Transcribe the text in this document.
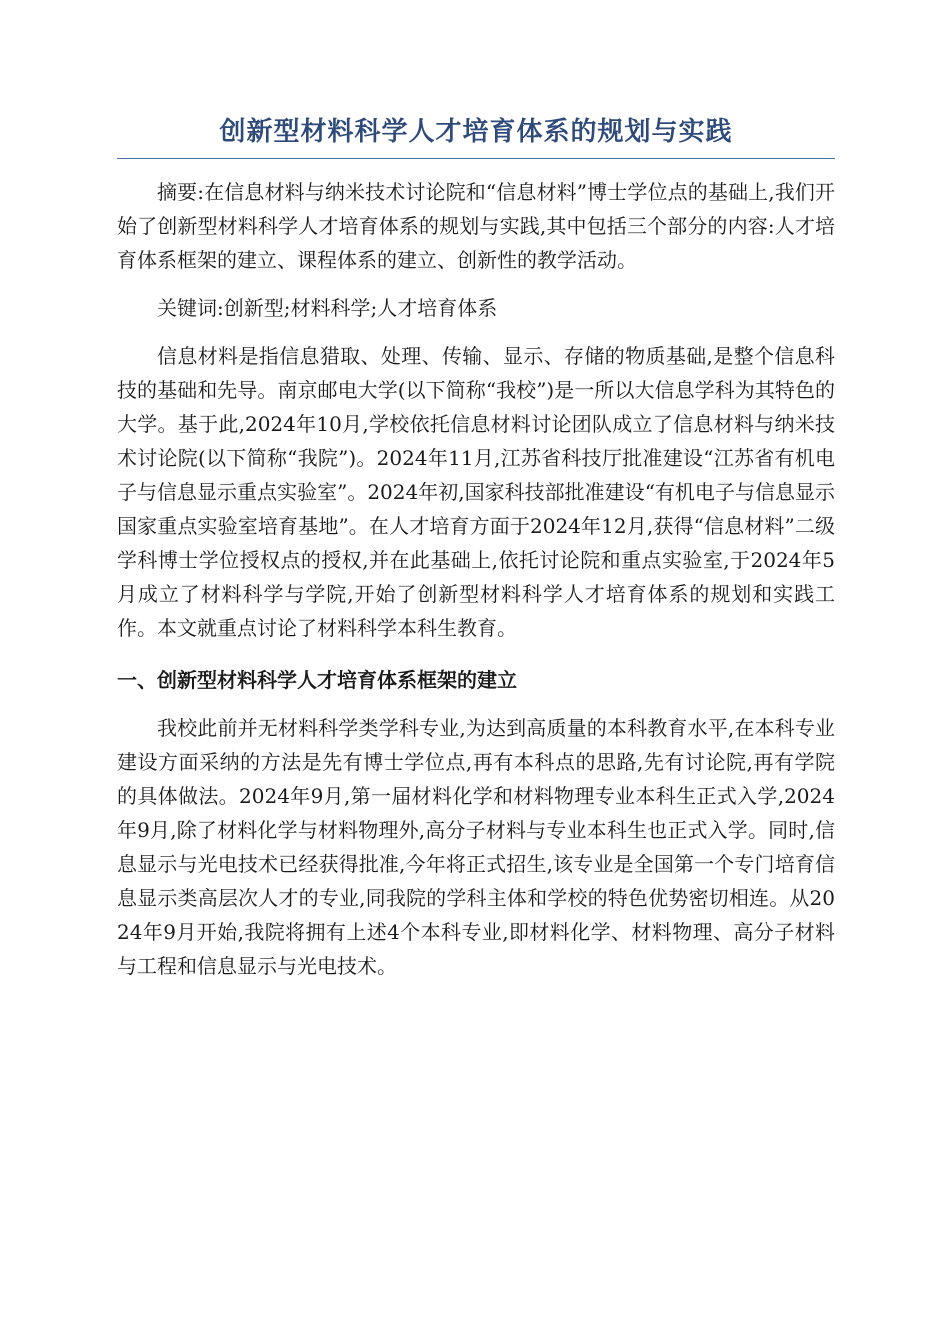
创新型材料科学人才培育体系的规划与实践

摘要:在信息材料与纳米技术讨论院和“信息材料”博士学位点的基础上,我们开始了创新型材料科学人才培育体系的规划与实践,其中包括三个部分的内容:人才培育体系框架的建立、课程体系的建立、创新性的教学活动。

关键词:创新型;材料科学;人才培育体系

信息材料是指信息猎取、处理、传输、显示、存储的物质基础,是整个信息科技的基础和先导。南京邮电大学(以下简称“我校”)是一所以大信息学科为其特色的大学。基于此,2024年10月,学校依托信息材料讨论团队成立了信息材料与纳米技术讨论院(以下简称“我院”)。2024年11月,江苏省科技厅批准建设“江苏省有机电子与信息显示重点实验室”。2024年初,国家科技部批准建设“有机电子与信息显示国家重点实验室培育基地”。在人才培育方面于2024年12月,获得“信息材料”二级学科博士学位授权点的授权,并在此基础上,依托讨论院和重点实验室,于2024年5月成立了材料科学与学院,开始了创新型材料科学人才培育体系的规划和实践工作。本文就重点讨论了材料科学本科生教育。

一、创新型材料科学人才培育体系框架的建立

我校此前并无材料科学类学科专业,为达到高质量的本科教育水平,在本科专业建设方面采纳的方法是先有博士学位点,再有本科点的思路,先有讨论院,再有学院的具体做法。2024年9月,第一届材料化学和材料物理专业本科生正式入学,2024年9月,除了材料化学与材料物理外,高分子材料与专业本科生也正式入学。同时,信息显示与光电技术已经获得批准,今年将正式招生,该专业是全国第一个专门培育信息显示类高层次人才的专业,同我院的学科主体和学校的特色优势密切相连。从2024年9月开始,我院将拥有上述4个本科专业,即材料化学、材料物理、高分子材料与工程和信息显示与光电技术。
